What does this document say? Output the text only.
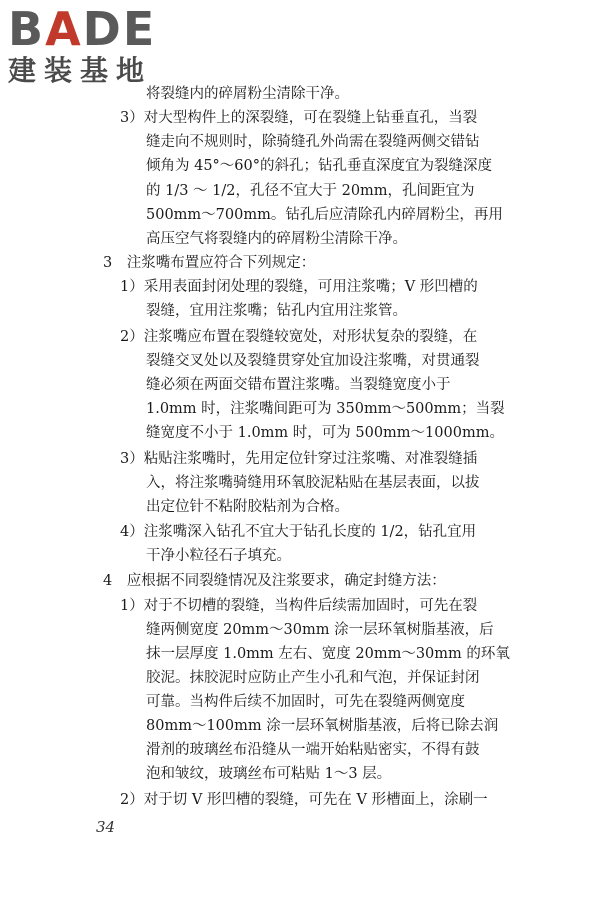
BADE
建装基地
将裂缝内的碎屑粉尘清除干净。
3）对大型构件上的深裂缝，可在裂缝上钻垂直孔，当裂
缝走向不规则时，除骑缝孔外尚需在裂缝两侧交错钻
倾角为 45°～60°的斜孔；钻孔垂直深度宜为裂缝深度
的 1/3 ～ 1/2，孔径不宜大于 20mm，孔间距宜为
500mm～700mm。钻孔后应清除孔内碎屑粉尘，再用
高压空气将裂缝内的碎屑粉尘清除干净。
3　注浆嘴布置应符合下列规定：
1）采用表面封闭处理的裂缝，可用注浆嘴；V 形凹槽的
裂缝，宜用注浆嘴；钻孔内宜用注浆管。
2）注浆嘴应布置在裂缝较宽处，对形状复杂的裂缝，在
裂缝交叉处以及裂缝贯穿处宜加设注浆嘴，对贯通裂
缝必须在两面交错布置注浆嘴。当裂缝宽度小于
1.0mm 时，注浆嘴间距可为 350mm～500mm；当裂
缝宽度不小于 1.0mm 时，可为 500mm～1000mm。
3）粘贴注浆嘴时，先用定位针穿过注浆嘴、对准裂缝插
入，将注浆嘴骑缝用环氧胶泥粘贴在基层表面，以拔
出定位针不粘附胶粘剂为合格。
4）注浆嘴深入钻孔不宜大于钻孔长度的 1/2，钻孔宜用
干净小粒径石子填充。
4　应根据不同裂缝情况及注浆要求，确定封缝方法：
1）对于不切槽的裂缝，当构件后续需加固时，可先在裂
缝两侧宽度 20mm～30mm 涂一层环氧树脂基液，后
抹一层厚度 1.0mm 左右、宽度 20mm～30mm 的环氧
胶泥。抹胶泥时应防止产生小孔和气泡，并保证封闭
可靠。当构件后续不加固时，可先在裂缝两侧宽度
80mm～100mm 涂一层环氧树脂基液，后将已除去润
滑剂的玻璃丝布沿缝从一端开始粘贴密实，不得有鼓
泡和皱纹，玻璃丝布可粘贴 1～3 层。
2）对于切 V 形凹槽的裂缝，可先在 V 形槽面上，涂刷一
34
